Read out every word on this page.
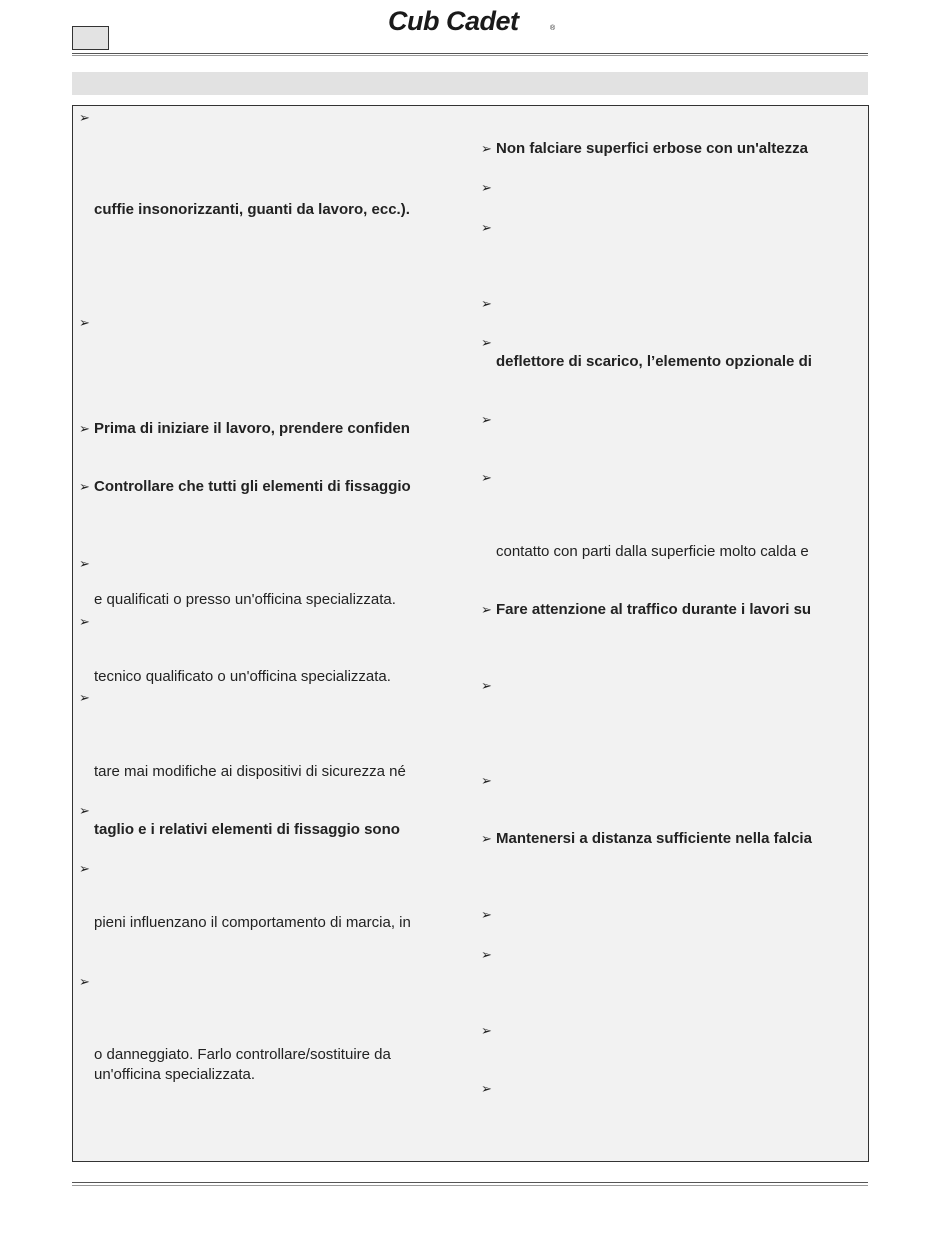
Cub Cadet	®
➢
➢
➢
➢
➢
➢
➢
➢
➢
➢
cuffie insonorizzanti, guanti da lavoro, ecc.).
Prima di iniziare il lavoro, prendere confiden
Controllare che tutti gli elementi di fissaggio
e qualificati o presso un'officina specializzata.
tecnico qualificato o un'officina specializzata.
tare mai modifiche ai dispositivi di sicurezza né
taglio e i relativi elementi di fissaggio sono
pieni influenzano il comportamento di marcia, in
o danneggiato. Farlo controllare/sostituire da
un'officina specializzata.
➢
➢
➢
➢
➢
➢
➢
➢
➢
➢
➢
➢
➢
➢
➢
Non falciare superfici erbose con un'altezza
deflettore di scarico, l’elemento opzionale di
contatto con parti dalla superficie molto calda e
Fare attenzione al traffico durante i lavori su
Mantenersi a distanza sufficiente nella falcia
